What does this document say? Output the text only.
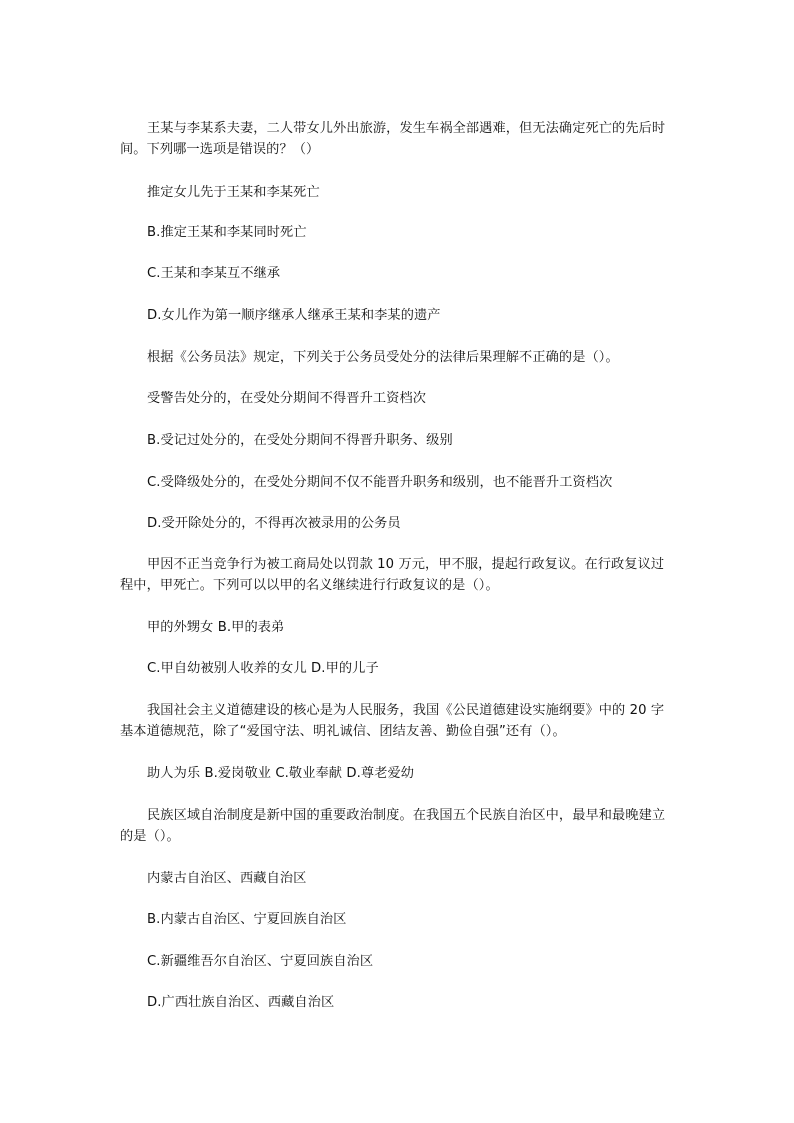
王某与李某系夫妻，二人带女儿外出旅游，发生车祸全部遇难，但无法确定死亡的先后时间。下列哪一选项是错误的？（）

推定女儿先于王某和李某死亡

B.推定王某和李某同时死亡

C.王某和李某互不继承

D.女儿作为第一顺序继承人继承王某和李某的遗产

根据《公务员法》规定，下列关于公务员受处分的法律后果理解不正确的是（）。

受警告处分的，在受处分期间不得晋升工资档次

B.受记过处分的，在受处分期间不得晋升职务、级别

C.受降级处分的，在受处分期间不仅不能晋升职务和级别，也不能晋升工资档次

D.受开除处分的，不得再次被录用的公务员

甲因不正当竞争行为被工商局处以罚款 10 万元，甲不服，提起行政复议。在行政复议过程中，甲死亡。下列可以以甲的名义继续进行行政复议的是（）。

甲的外甥女 B.甲的表弟

C.甲自幼被别人收养的女儿 D.甲的儿子

我国社会主义道德建设的核心是为人民服务，我国《公民道德建设实施纲要》中的 20 字基本道德规范，除了“爱国守法、明礼诚信、团结友善、勤俭自强”还有（）。

助人为乐 B.爱岗敬业 C.敬业奉献 D.尊老爱幼

民族区域自治制度是新中国的重要政治制度。在我国五个民族自治区中，最早和最晚建立的是（）。

内蒙古自治区、西藏自治区

B.内蒙古自治区、宁夏回族自治区

C.新疆维吾尔自治区、宁夏回族自治区

D.广西壮族自治区、西藏自治区
